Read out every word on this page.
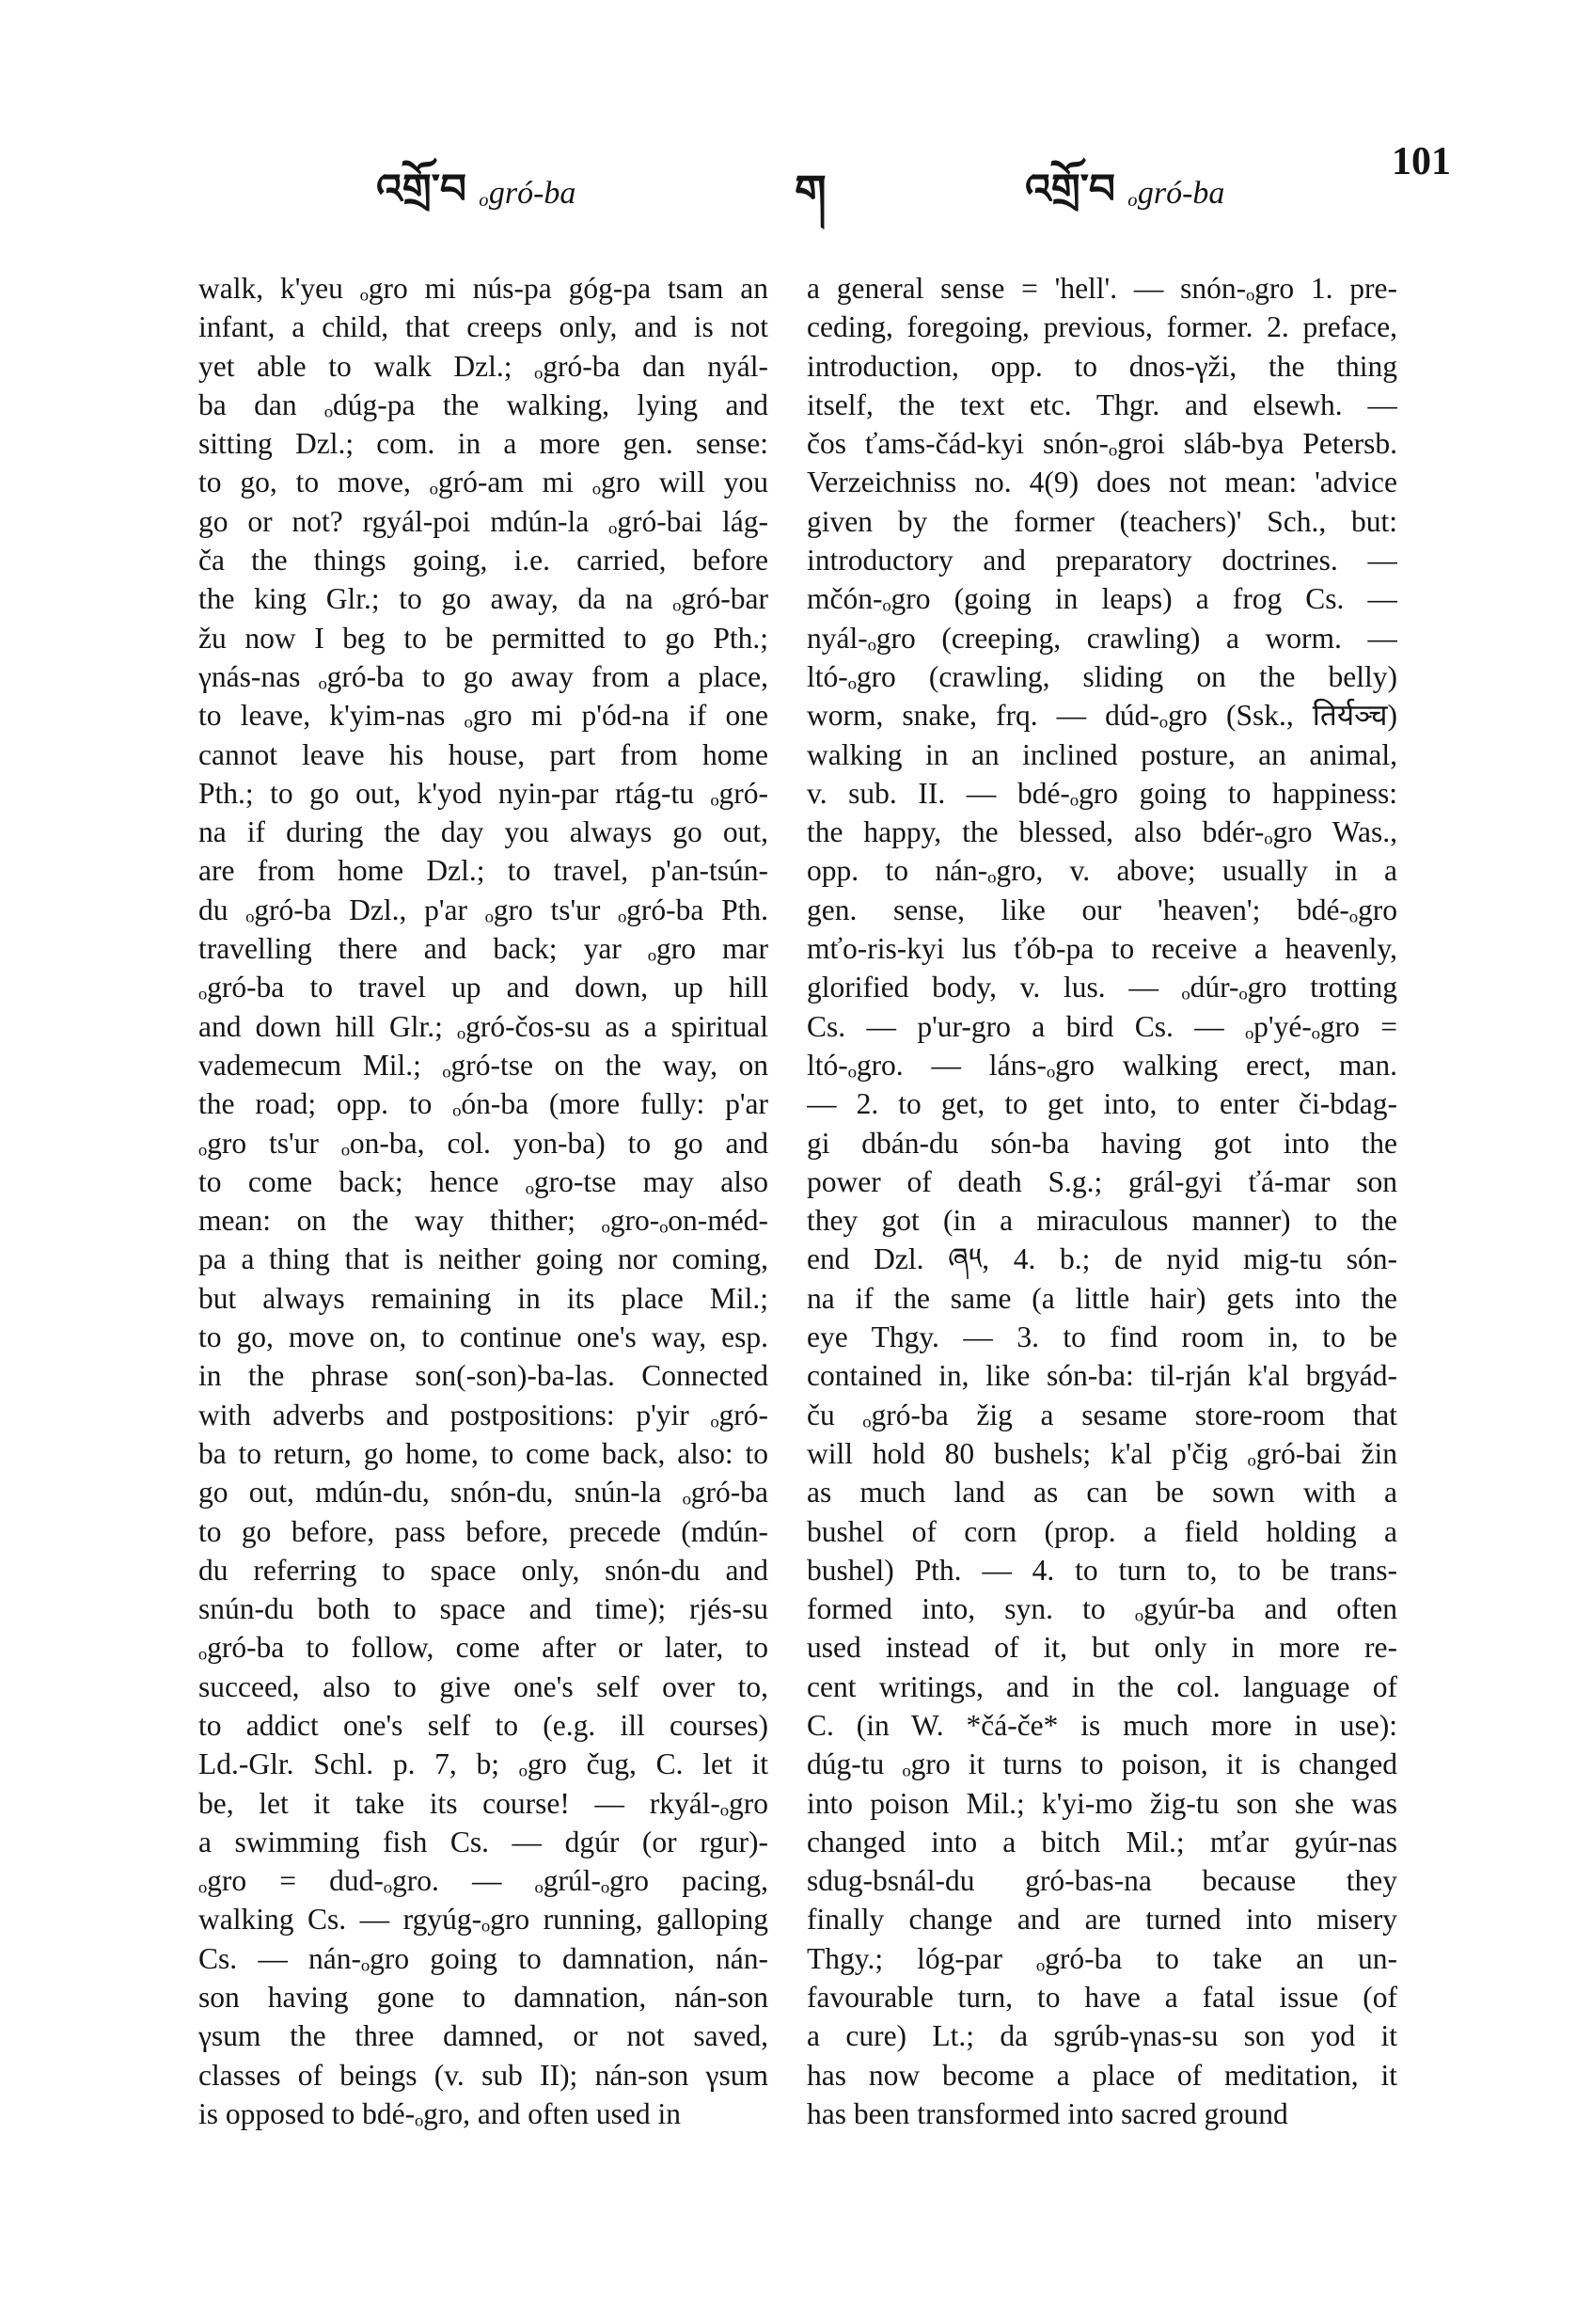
འགྲོ་བ ₒgró-ba	ག	འགྲོ་བ ₒgró-ba
101
walk, k'yeu ₒgro mi nús-pa góg-pa tsam an
infant, a child, that creeps only, and is not
yet able to walk Dzl.; ₒgró-ba dan nyál-
ba dan ₒdúg-pa the walking, lying and
sitting Dzl.; com. in a more gen. sense:
to go, to move, ₒgró-am mi ₒgro will you
go or not? rgyál-poi mdún-la ₒgró-bai lág-
ča the things going, i.e. carried, before
the king Glr.; to go away, da na ₒgró-bar
žu now I beg to be permitted to go Pth.;
γnás-nas ₒgró-ba to go away from a place,
to leave, k'yim-nas ₒgro mi p'ód-na if one
cannot leave his house, part from home
Pth.; to go out, k'yod nyin-par rtág-tu ₒgró-
na if during the day you always go out,
are from home Dzl.; to travel, p'an-tsún-
du ₒgró-ba Dzl., p'ar ₒgro ts'ur ₒgró-ba Pth.
travelling there and back; yar ₒgro mar
ₒgró-ba to travel up and down, up hill
and down hill Glr.; ₒgró-čos-su as a spiritual
vademecum Mil.; ₒgró-tse on the way, on
the road; opp. to ₒón-ba (more fully: p'ar
ₒgro ts'ur ₒon-ba, col. yon-ba) to go and
to come back; hence ₒgro-tse may also
mean: on the way thither; ₒgro-ₒon-méd-
pa a thing that is neither going nor coming,
but always remaining in its place Mil.;
to go, move on, to continue one's way, esp.
in the phrase son(-son)-ba-las. Connected
with adverbs and postpositions: p'yir ₒgró-
ba to return, go home, to come back, also: to
go out, mdún-du, snón-du, snún-la ₒgró-ba
to go before, pass before, precede (mdún-
du referring to space only, snón-du and
snún-du both to space and time); rjés-su
ₒgró-ba to follow, come after or later, to
succeed, also to give one's self over to,
to addict one's self to (e.g. ill courses)
Ld.-Glr. Schl. p. 7, b; ₒgro čug, C. let it
be, let it take its course! — rkyál-ₒgro
a swimming fish Cs. — dgúr (or rgur)-
ₒgro = dud-ₒgro. — ₒgrúl-ₒgro pacing,
walking Cs. — rgyúg-ₒgro running, galloping
Cs. — nán-ₒgro going to damnation, nán-
son having gone to damnation, nán-son
γsum the three damned, or not saved,
classes of beings (v. sub II); nán-son γsum
is opposed to bdé-ₒgro, and often used in
a general sense = 'hell'. — snón-ₒgro 1. pre-
ceding, foregoing, previous, former. 2. preface,
introduction, opp. to dnos-γži, the thing
itself, the text etc. Thgr. and elsewh. —
čos ťams-čád-kyi snón-ₒgroi sláb-bya Petersb.
Verzeichniss no. 4(9) does not mean: 'advice
given by the former (teachers)' Sch., but:
introductory and preparatory doctrines. —
mčón-ₒgro (going in leaps) a frog Cs. —
nyál-ₒgro (creeping, crawling) a worm. —
ltó-ₒgro (crawling, sliding on the belly)
worm, snake, frq. — dúd-ₒgro (Ssk., तिर्यञ्च)
walking in an inclined posture, an animal,
v. sub. II. — bdé-ₒgro going to happiness:
the happy, the blessed, also bdér-ₒgro Was.,
opp. to nán-ₒgro, v. above; usually in a
gen. sense, like our 'heaven'; bdé-ₒgro
mťo-ris-kyi lus ťób-pa to receive a heavenly,
glorified body, v. lus. — ₒdúr-ₒgro trotting
Cs. — p'ur-gro a bird Cs. — ₒp'yé-ₒgro =
ltó-ₒgro. — láns-ₒgro walking erect, man.
— 2. to get, to get into, to enter či-bdag-
gi dbán-du són-ba having got into the
power of death S.g.; grál-gyi ťá-mar son
they got (in a miraculous manner) to the
end Dzl. ཞ༥, 4. b.; de nyid mig-tu són-
na if the same (a little hair) gets into the
eye Thgy. — 3. to find room in, to be
contained in, like són-ba: til-rján k'al brgyád-
ču ₒgró-ba žig a sesame store-room that
will hold 80 bushels; k'al p'čig ₒgró-bai žin
as much land as can be sown with a
bushel of corn (prop. a field holding a
bushel) Pth. — 4. to turn to, to be trans-
formed into, syn. to ₒgyúr-ba and often
used instead of it, but only in more re-
cent writings, and in the col. language of
C. (in W. *čá-če* is much more in use):
dúg-tu ₒgro it turns to poison, it is changed
into poison Mil.; k'yi-mo žig-tu son she was
changed into a bitch Mil.; mťar gyúr-nas
sdug-bsnál-du gró-bas-na because they
finally change and are turned into misery
Thgy.; lóg-par ₒgró-ba to take an un-
favourable turn, to have a fatal issue (of
a cure) Lt.; da sgrúb-γnas-su son yod it
has now become a place of meditation, it
has been transformed into sacred ground
